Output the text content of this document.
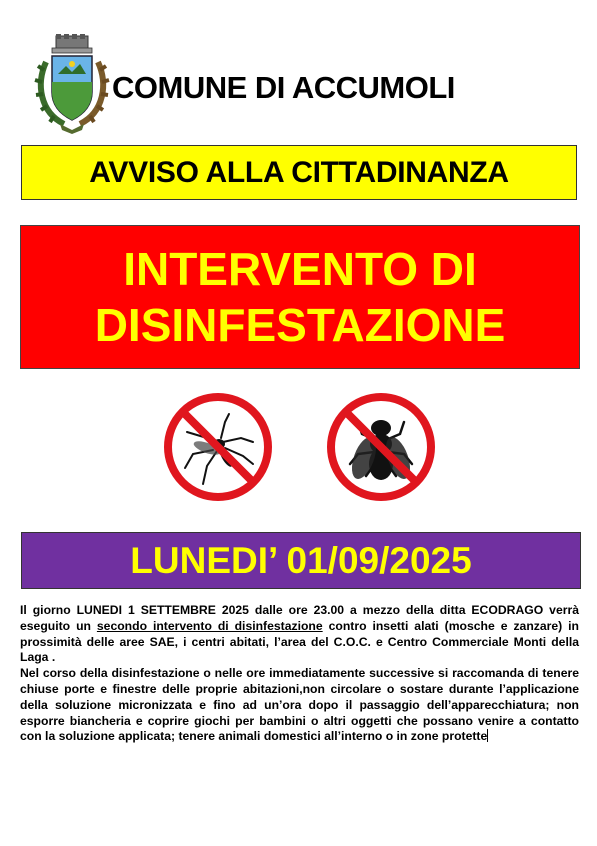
COMUNE DI ACCUMOLI
AVVISO ALLA CITTADINANZA
INTERVENTO DI
DISINFESTAZIONE
LUNEDI’ 01/09/2025

Il giorno LUNEDI 1 SETTEMBRE 2025 dalle ore 23.00 a mezzo della ditta ECODRAGO verrà eseguito un secondo intervento di disinfestazione contro insetti alati (mosche e zanzare) in prossimità delle aree SAE, i centri abitati, l’area del C.O.C. e Centro Commerciale Monti della Laga .

Nel corso della disinfestazione o nelle ore immediatamente successive si raccomanda di tenere chiuse porte e finestre delle proprie abitazioni,non circolare o sostare durante l’applicazione della soluzione micronizzata e fino ad un’ora dopo il passaggio dell’apparecchiatura; non esporre biancheria e coprire giochi per bambini o altri oggetti che possano venire a contatto con la soluzione applicata; tenere animali domestici all’interno o in zone protette
